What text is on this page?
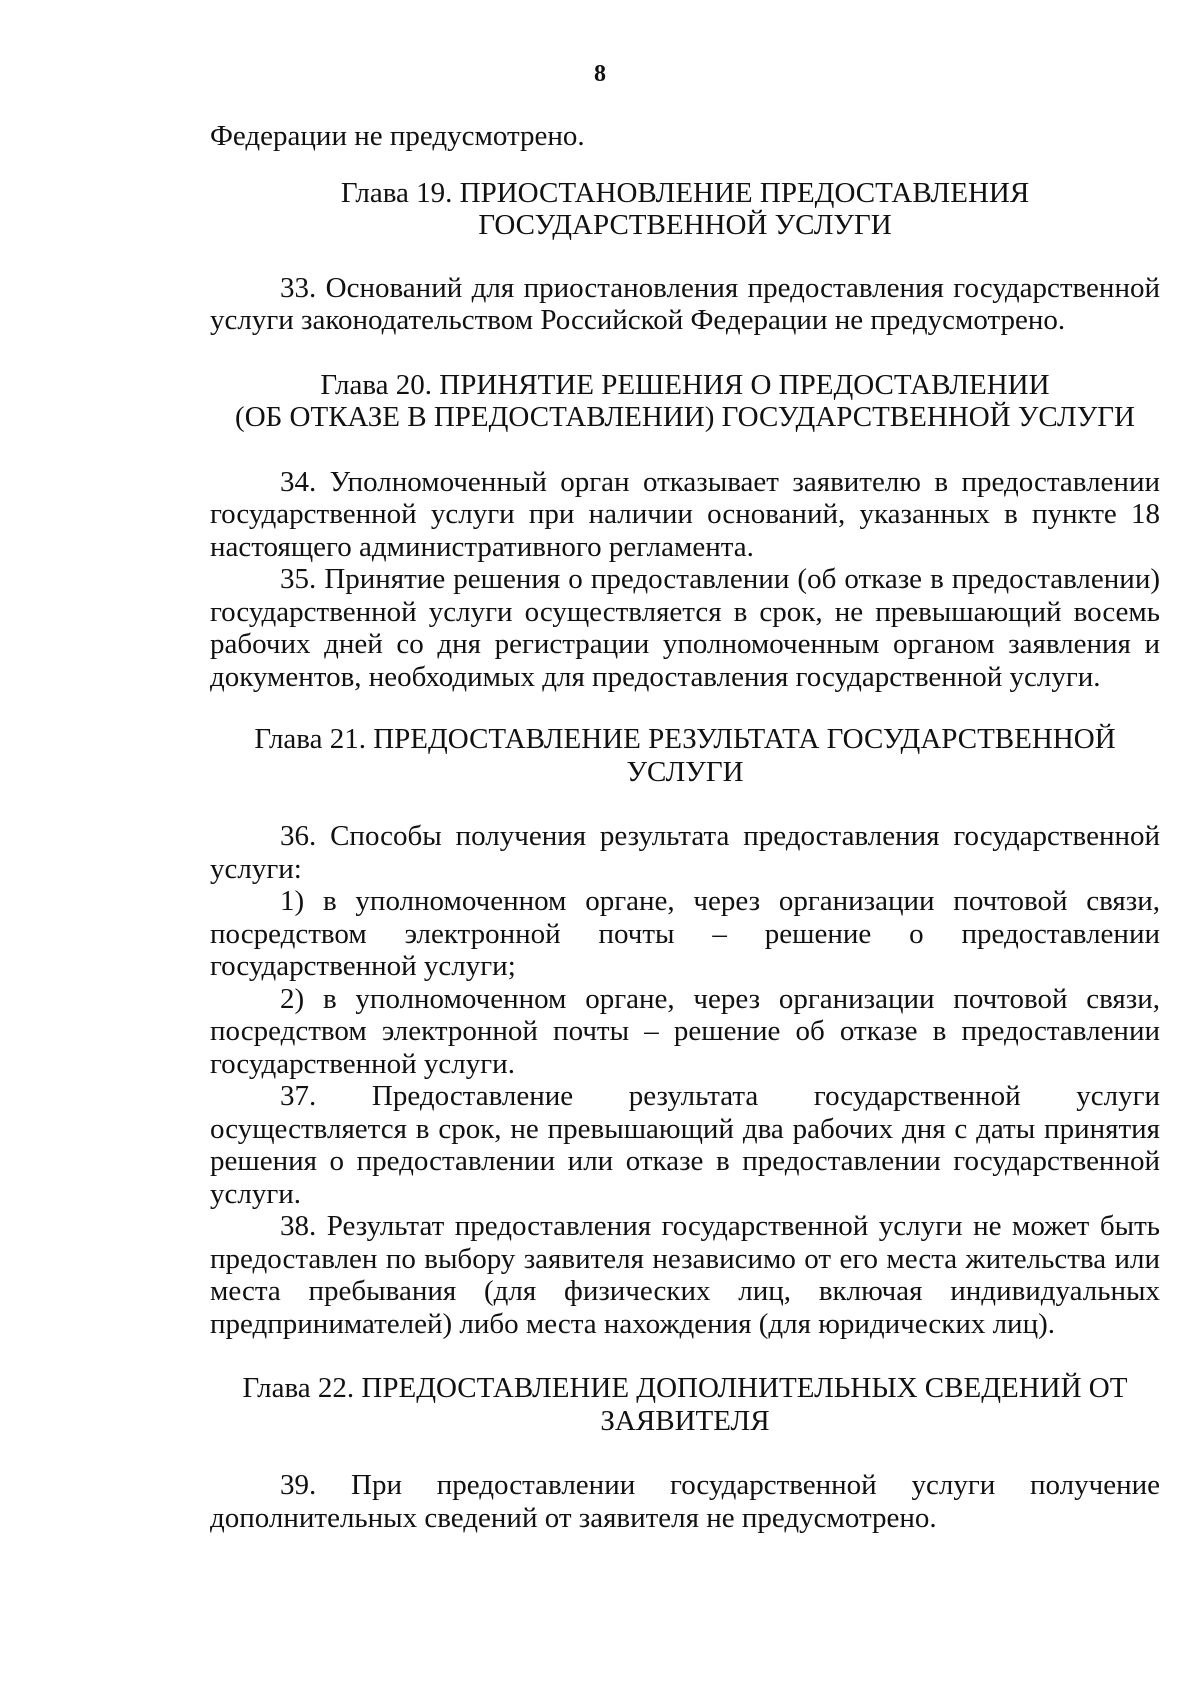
8

Федерации не предусмотрено.

Глава 19. ПРИОСТАНОВЛЕНИЕ ПРЕДОСТАВЛЕНИЯ
ГОСУДАРСТВЕННОЙ УСЛУГИ

33. Оснований для приостановления предоставления государственной услуги законодательством Российской Федерации не предусмотрено.

Глава 20. ПРИНЯТИЕ РЕШЕНИЯ О ПРЕДОСТАВЛЕНИИ
(ОБ ОТКАЗЕ В ПРЕДОСТАВЛЕНИИ) ГОСУДАРСТВЕННОЙ УСЛУГИ

34. Уполномоченный орган отказывает заявителю в предоставлении государственной услуги при наличии оснований, указанных в пункте 18 настоящего административного регламента.

35. Принятие решения о предоставлении (об отказе в предоставлении) государственной услуги осуществляется в срок, не превышающий восемь рабочих дней со дня регистрации уполномоченным органом заявления и документов, необходимых для предоставления государственной услуги.

Глава 21. ПРЕДОСТАВЛЕНИЕ РЕЗУЛЬТАТА ГОСУДАРСТВЕННОЙ
УСЛУГИ

36. Способы получения результата предоставления государственной услуги:

1) в уполномоченном органе, через организации почтовой связи, посредством электронной почты – решение о предоставлении государственной услуги;

2) в уполномоченном органе, через организации почтовой связи, посредством электронной почты – решение об отказе в предоставлении государственной услуги.

37. Предоставление результата государственной услуги осуществляется в срок, не превышающий два рабочих дня с даты принятия решения о предоставлении или отказе в предоставлении государственной услуги.

38. Результат предоставления государственной услуги не может быть предоставлен по выбору заявителя независимо от его места жительства или места пребывания (для физических лиц, включая индивидуальных предпринимателей) либо места нахождения (для юридических лиц).

Глава 22. ПРЕДОСТАВЛЕНИЕ ДОПОЛНИТЕЛЬНЫХ СВЕДЕНИЙ ОТ
ЗАЯВИТЕЛЯ

39. При предоставлении государственной услуги получение дополнительных сведений от заявителя не предусмотрено.
